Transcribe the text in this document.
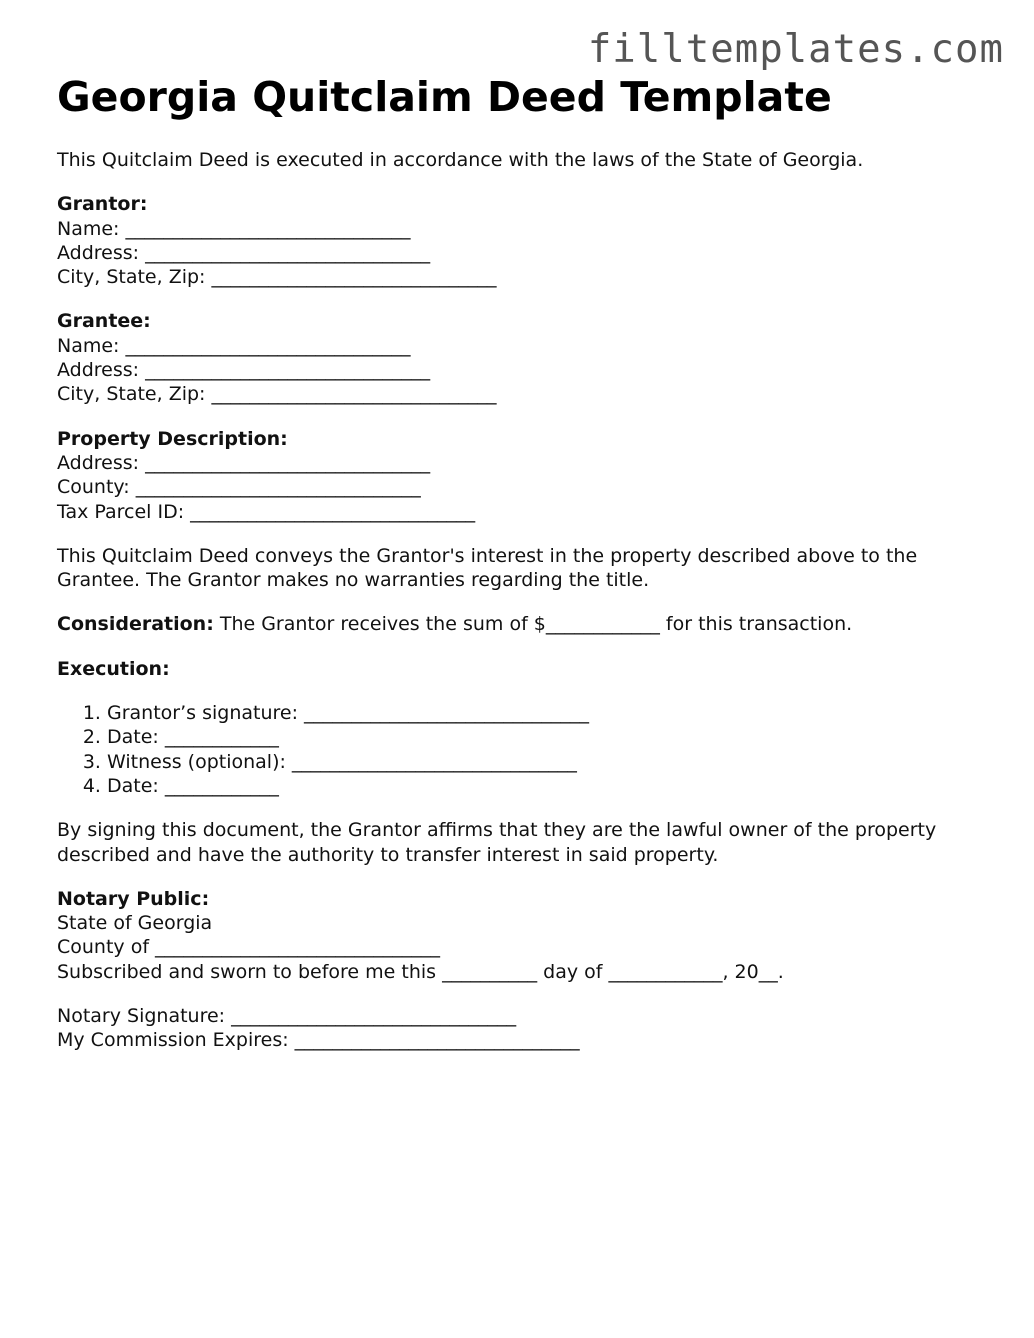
filltemplates.com
Georgia Quitclaim Deed Template

This Quitclaim Deed is executed in accordance with the laws of the State of Georgia.

Grantor:
Name: ______________________________
Address: ______________________________
City, State, Zip: ______________________________
Grantee:
Name: ______________________________
Address: ______________________________
City, State, Zip: ______________________________
Property Description:
Address: ______________________________
County: ______________________________
Tax Parcel ID: ______________________________

This Quitclaim Deed conveys the Grantor's interest in the property described above to the Grantee. The Grantor makes no warranties regarding the title.

Consideration: The Grantor receives the sum of $____________ for this transaction.

Execution:
1. Grantor’s signature: ______________________________
2. Date: ____________
3. Witness (optional): ______________________________
4. Date: ____________

By signing this document, the Grantor affirms that they are the lawful owner of the property described and have the authority to transfer interest in said property.

Notary Public:
State of Georgia
County of ______________________________
Subscribed and sworn to before me this __________ day of ____________, 20__.
Notary Signature: ______________________________
My Commission Expires: ______________________________
